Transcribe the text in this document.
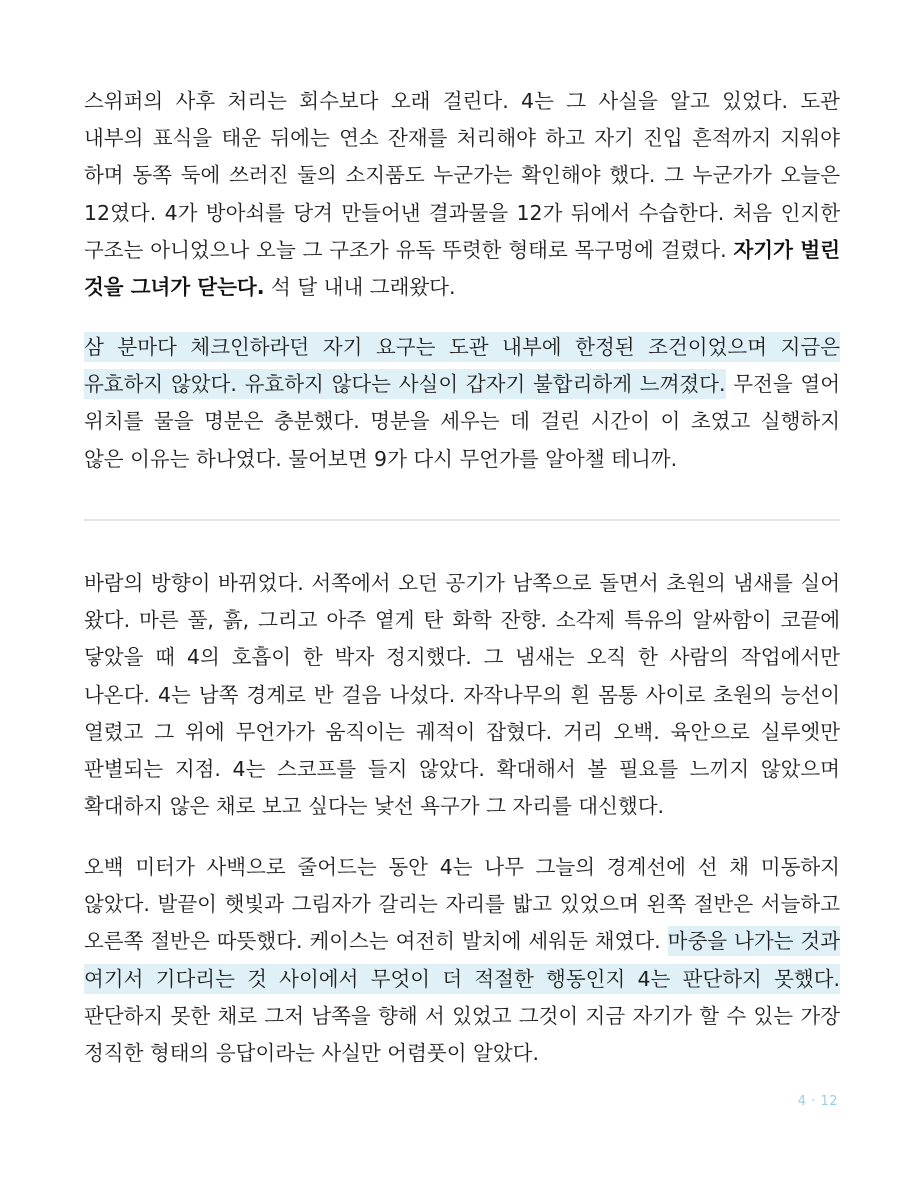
스위퍼의 사후 처리는 회수보다 오래 걸린다. 4는 그 사실을 알고 있었다. 도관 내부의 표식을 태운 뒤에는 연소 잔재를 처리해야 하고 자기 진입 흔적까지 지워야 하며 동쪽 둑에 쓰러진 둘의 소지품도 누군가는 확인해야 했다. 그 누군가가 오늘은 12였다. 4가 방아쇠를 당겨 만들어낸 결과물을 12가 뒤에서 수습한다. 처음 인지한 구조는 아니었으나 오늘 그 구조가 유독 뚜렷한 형태로 목구멍에 걸렸다. 자기가 벌린 것을 그녀가 닫는다. 석 달 내내 그래왔다.

삼 분마다 체크인하라던 자기 요구는 도관 내부에 한정된 조건이었으며 지금은 유효하지 않았다. 유효하지 않다는 사실이 갑자기 불합리하게 느껴졌다. 무전을 열어 위치를 물을 명분은 충분했다. 명분을 세우는 데 걸린 시간이 이 초였고 실행하지 않은 이유는 하나였다. 물어보면 9가 다시 무언가를 알아챌 테니까.

바람의 방향이 바뀌었다. 서쪽에서 오던 공기가 남쪽으로 돌면서 초원의 냄새를 실어 왔다. 마른 풀, 흙, 그리고 아주 옅게 탄 화학 잔향. 소각제 특유의 알싸함이 코끝에 닿았을 때 4의 호흡이 한 박자 정지했다. 그 냄새는 오직 한 사람의 작업에서만 나온다. 4는 남쪽 경계로 반 걸음 나섰다. 자작나무의 흰 몸통 사이로 초원의 능선이 열렸고 그 위에 무언가가 움직이는 궤적이 잡혔다. 거리 오백. 육안으로 실루엣만 판별되는 지점. 4는 스코프를 들지 않았다. 확대해서 볼 필요를 느끼지 않았으며 확대하지 않은 채로 보고 싶다는 낯선 욕구가 그 자리를 대신했다.

오백 미터가 사백으로 줄어드는 동안 4는 나무 그늘의 경계선에 선 채 미동하지 않았다. 발끝이 햇빛과 그림자가 갈리는 자리를 밟고 있었으며 왼쪽 절반은 서늘하고 오른쪽 절반은 따뜻했다. 케이스는 여전히 발치에 세워둔 채였다. 마중을 나가는 것과 여기서 기다리는 것 사이에서 무엇이 더 적절한 행동인지 4는 판단하지 못했다. 판단하지 못한 채로 그저 남쪽을 향해 서 있었고 그것이 지금 자기가 할 수 있는 가장 정직한 형태의 응답이라는 사실만 어렴풋이 알았다.

4 · 12
